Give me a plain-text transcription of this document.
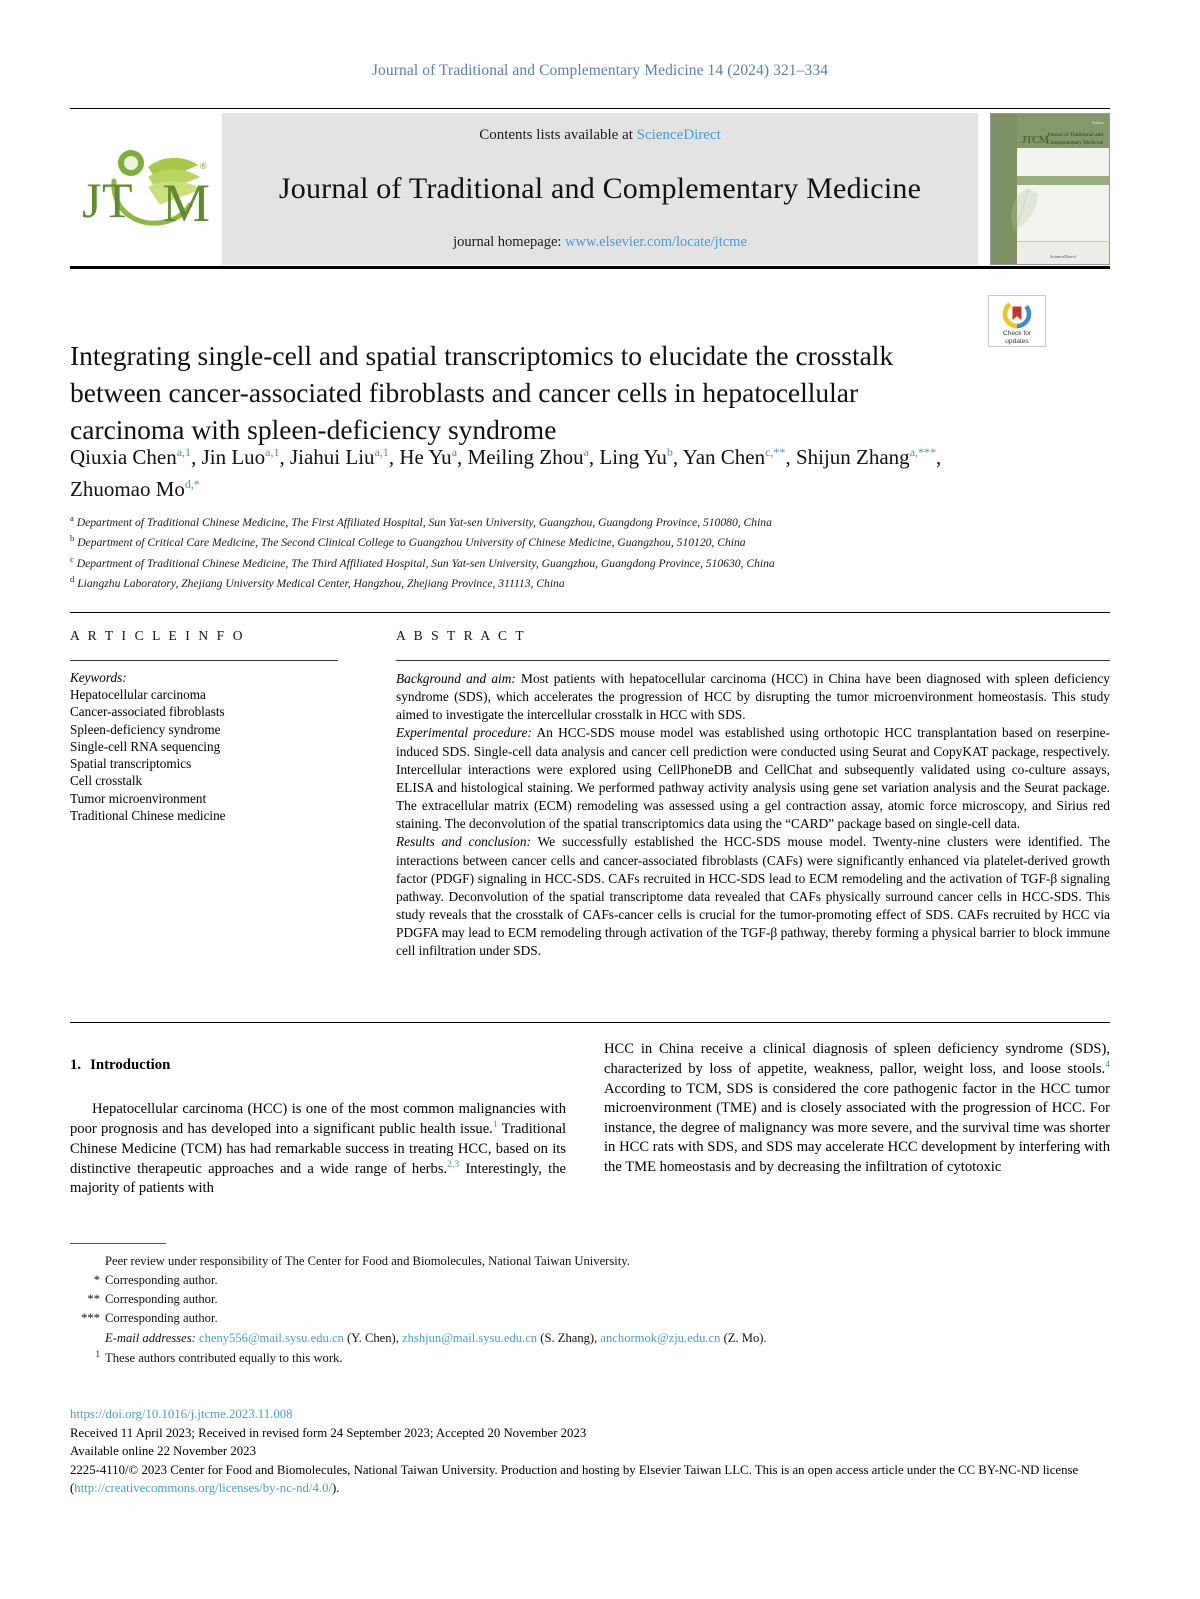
Journal of Traditional and Complementary Medicine 14 (2024) 321–334
J T M
®
Contents lists available at ScienceDirect
Journal of Traditional and Complementary Medicine
journal homepage: www.elsevier.com/locate/jtcme
Volume
JTCM
Journal of Traditional and Complementary Medicine
ScienceDirect
Check for
updates
Integrating single-cell and spatial transcriptomics to elucidate the crosstalk between cancer-associated fibroblasts and cancer cells in hepatocellular carcinoma with spleen-deficiency syndrome
Qiuxia Chen$^{a,1}$, Jin Luo$^{a,1}$, Jiahui Liu$^{a,1}$, He Yu$^a$, Meiling Zhou$^a$, Ling Yu$^b$, Yan Chen$^{c,**}$, Shijun Zhang$^{a,***}$, Zhuomao $Mo^{d,*}$
$^a$ Department of Traditional Chinese Medicine, The First Affiliated Hospital, Sun Yat-sen University, Guangzhou, Guangdong Province, 510080, China
$^b$ Department of Critical Care Medicine, The Second Clinical College to Guangzhou University of Chinese Medicine, Guangzhou, 510120, China
$^c$ Department of Traditional Chinese Medicine, The Third Affiliated Hospital, Sun Yat-sen University, Guangzhou, Guangdong Province, 510630, China
$^d$ Liangzhu Laboratory, Zhejiang University Medical Center, Hangzhou, Zhejiang Province, 311113, China
A R T I C L E I N F O
Keywords:
Hepatocellular carcinoma
Cancer-associated fibroblasts
Spleen-deficiency syndrome
Single-cell RNA sequencing
Spatial transcriptomics
Cell crosstalk
Tumor microenvironment
Traditional Chinese medicine
A B S T R A C T

Background and aim: Most patients with hepatocellular carcinoma (HCC) in China have been diagnosed with spleen deficiency syndrome (SDS), which accelerates the progression of HCC by disrupting the tumor microenvironment homeostasis. This study aimed to investigate the intercellular crosstalk in HCC with SDS.

Experimental procedure: An HCC-SDS mouse model was established using orthotopic HCC transplantation based on reserpine-induced SDS. Single-cell data analysis and cancer cell prediction were conducted using Seurat and CopyKAT package, respectively. Intercellular interactions were explored using CellPhoneDB and CellChat and subsequently validated using co-culture assays, ELISA and histological staining. We performed pathway activity analysis using gene set variation analysis and the Seurat package. The extracellular matrix (ECM) remodeling was assessed using a gel contraction assay, atomic force microscopy, and Sirius red staining. The deconvolution of the spatial transcriptomics data using the “CARD” package based on single-cell data.

Results and conclusion: We successfully established the HCC-SDS mouse model. Twenty-nine clusters were identified. The interactions between cancer cells and cancer-associated fibroblasts (CAFs) were significantly enhanced via platelet-derived growth factor (PDGF) signaling in HCC-SDS. CAFs recruited in HCC-SDS lead to ECM remodeling and the activation of TGF-β signaling pathway. Deconvolution of the spatial transcriptome data revealed that CAFs physically surround cancer cells in HCC-SDS. This study reveals that the crosstalk of CAFs-cancer cells is crucial for the tumor-promoting effect of SDS. CAFs recruited by HCC via PDGFA may lead to ECM remodeling through activation of the TGF-β pathway, thereby forming a physical barrier to block immune cell infiltration under SDS.

1. Introduction

Hepatocellular carcinoma (HCC) is one of the most common malignancies with poor prognosis and has developed into a significant public health issue.$^1$ Traditional Chinese Medicine (TCM) has had remarkable success in treating HCC, based on its distinctive therapeutic approaches and a wide range of herbs.$^{2,3}$ Interestingly, the majority of patients with

HCC in China receive a clinical diagnosis of spleen deficiency syndrome (SDS), characterized by loss of appetite, weakness, pallor, weight loss, and loose stools.$^4$ According to TCM, SDS is considered the core pathogenic factor in the HCC tumor microenvironment (TME) and is closely associated with the progression of HCC. For instance, the degree of malignancy was more severe, and the survival time was shorter in HCC rats with SDS, and SDS may accelerate HCC development by interfering with the TME homeostasis and by decreasing the infiltration of cytotoxic

Peer review under responsibility of The Center for Food and Biomolecules, National Taiwan University.
* Corresponding author.
** Corresponding author.
*** Corresponding author.
E-mail addresses: cheny556@mail.sysu.edu.cn (Y. Chen), zhshjun@mail.sysu.edu.cn (S. Zhang), anchormok@zju.edu.cn (Z. Mo).
1 These authors contributed equally to this work.
https://doi.org/10.1016/j.jtcme.2023.11.008
Received 11 April 2023; Received in revised form 24 September 2023; Accepted 20 November 2023
Available online 22 November 2023
2225-4110/© 2023 Center for Food and Biomolecules, National Taiwan University. Production and hosting by Elsevier Taiwan LLC. This is an open access article under the CC BY-NC-ND license (http://creativecommons.org/licenses/by-nc-nd/4.0/).
